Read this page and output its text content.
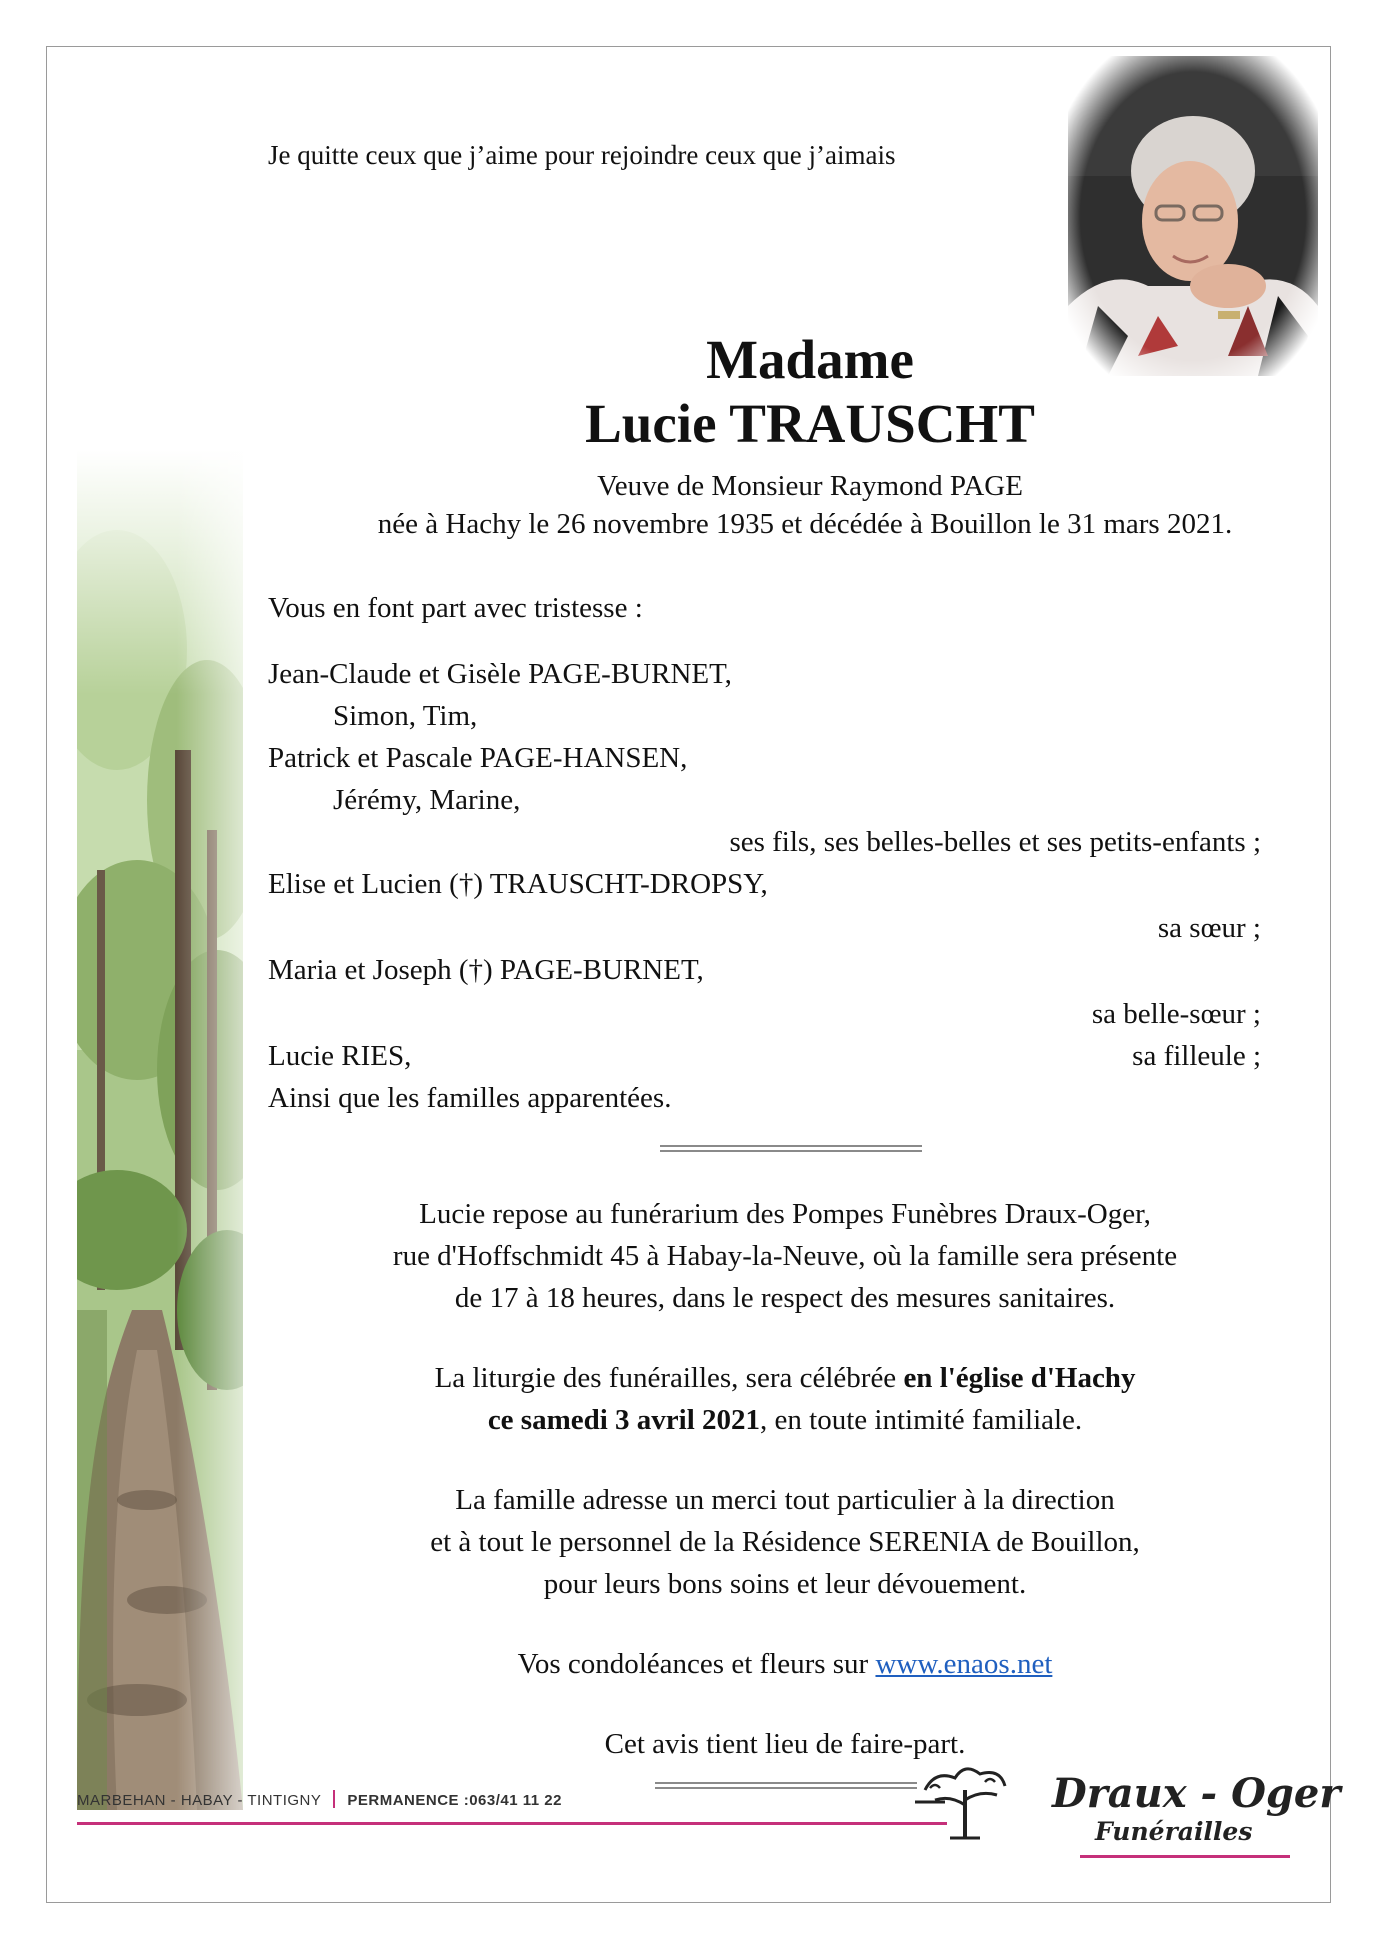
Je quitte ceux que j’aime pour rejoindre ceux que j’aimais
Madame
Lucie TRAUSCHT
Veuve de Monsieur Raymond PAGE
née à Hachy le 26 novembre 1935 et décédée à Bouillon le 31 mars 2021.
Vous en font part avec tristesse :
Jean-Claude et Gisèle PAGE-BURNET,
Simon, Tim,
Patrick et Pascale PAGE-HANSEN,
Jérémy, Marine,
ses fils, ses belles-belles et ses petits-enfants ;
Elise et Lucien (†) TRAUSCHT-DROPSY,
sa sœur ;
Maria et Joseph (†) PAGE-BURNET,
sa belle-sœur ;
Lucie RIES,	sa filleule ;
Ainsi que les familles apparentées.
Lucie repose au funérarium des Pompes Funèbres Draux-Oger,
rue d'Hoffschmidt 45 à Habay-la-Neuve, où la famille sera présente
de 17 à 18 heures, dans le respect des mesures sanitaires.
La liturgie des funérailles, sera célébrée en l'église d'Hachy
ce samedi 3 avril 2021, en toute intimité familiale.
La famille adresse un merci tout particulier à la direction
et à tout le personnel de la Résidence SERENIA de Bouillon,
pour leurs bons soins et leur dévouement.
Vos condoléances et fleurs sur www.enaos.net
Cet avis tient lieu de faire-part.
MARBEHAN - HABAY - TINTIGNY PERMANENCE :063/41 11 22	Draux - Oger
Funérailles
